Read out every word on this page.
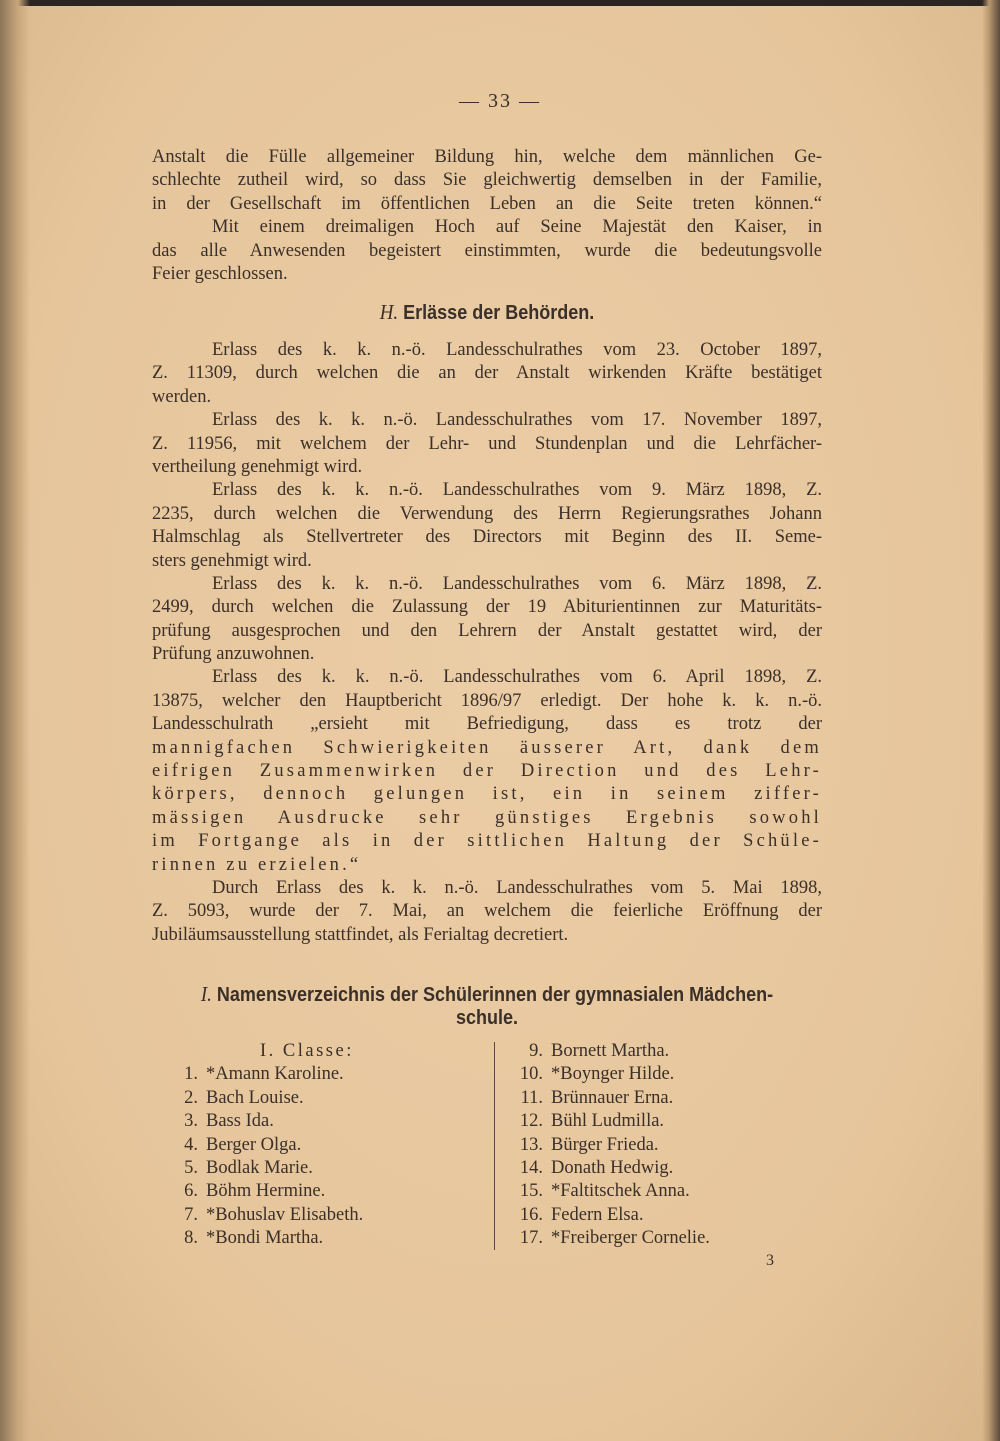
— 33 —
Anstalt die Fülle allgemeiner Bildung hin, welche dem männlichen Ge-
schlechte zutheil wird, so dass Sie gleichwertig demselben in der Familie,
in der Gesellschaft im öffentlichen Leben an die Seite treten können.“
Mit einem dreimaligen Hoch auf Seine Majestät den Kaiser, in
das alle Anwesenden begeistert einstimmten, wurde die bedeutungsvolle
Feier geschlossen.
H. Erlässe der Behörden.
Erlass des k. k. n.-ö. Landesschulrathes vom 23. October 1897,
Z. 11309, durch welchen die an der Anstalt wirkenden Kräfte bestätiget
werden.
Erlass des k. k. n.-ö. Landesschulrathes vom 17. November 1897,
Z. 11956, mit welchem der Lehr- und Stundenplan und die Lehrfächer-
vertheilung genehmigt wird.
Erlass des k. k. n.-ö. Landesschulrathes vom 9. März 1898, Z.
2235, durch welchen die Verwendung des Herrn Regierungsrathes Johann
Halmschlag als Stellvertreter des Directors mit Beginn des II. Seme-
sters genehmigt wird.
Erlass des k. k. n.-ö. Landesschulrathes vom 6. März 1898, Z.
2499, durch welchen die Zulassung der 19 Abiturientinnen zur Maturitäts-
prüfung ausgesprochen und den Lehrern der Anstalt gestattet wird, der
Prüfung anzuwohnen.
Erlass des k. k. n.-ö. Landesschulrathes vom 6. April 1898, Z.
13875, welcher den Hauptbericht 1896/97 erledigt. Der hohe k. k. n.-ö.
Landesschulrath „ersieht mit Befriedigung, dass es trotz der
mannigfachen Schwierigkeiten äusserer Art, dank dem
eifrigen Zusammenwirken der Direction und des Lehr-
körpers, dennoch gelungen ist, ein in seinem ziffer-
mässigen Ausdrucke sehr günstiges Ergebnis sowohl
im Fortgange als in der sittlichen Haltung der Schüle-
rinnen zu erzielen.“
Durch Erlass des k. k. n.-ö. Landesschulrathes vom 5. Mai 1898,
Z. 5093, wurde der 7. Mai, an welchem die feierliche Eröffnung der
Jubiläumsausstellung stattfindet, als Ferialtag decretiert.
I. Namensverzeichnis der Schülerinnen der gymnasialen Mädchen-
schule.
I. Classe:
1. *Amann Karoline.
2. Bach Louise.
3. Bass Ida.
4. Berger Olga.
5. Bodlak Marie.
6. Böhm Hermine.
7. *Bohuslav Elisabeth.
8. *Bondi Martha.
9. Bornett Martha.
10. *Boynger Hilde.
11. Brünnauer Erna.
12. Bühl Ludmilla.
13. Bürger Frieda.
14. Donath Hedwig.
15. *Faltitschek Anna.
16. Federn Elsa.
17. *Freiberger Cornelie.
3
